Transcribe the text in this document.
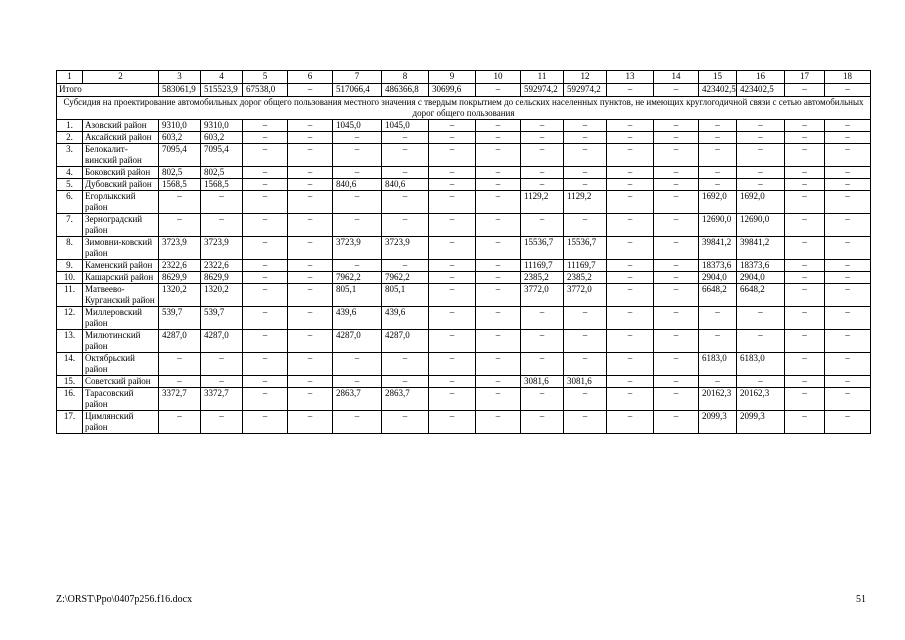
1	2	3	4	5	6	7	8	9	10	11	12	13	14	15	16	17	18
Итого		583061,9	515523,9	67538,0	–	517066,4	486366,8	30699,6	–	592974,2	592974,2	–	–	423402,5	423402,5	–	–
Субсидия на проектирование автомобильных дорог общего пользования местного значения с твердым покрытием до сельских населенных пунктов, не имеющих круглогодичной связи с сетью автомобильных дорог общего пользования																	
1.	Азовский район	9310,0	9310,0	–	–	1045,0	1045,0	–	–	–	–	–	–	–	–	–	–
2.	Аксайский район	603,2	603,2	–	–	–	–	–	–	–	–	–	–	–	–	–	–
3.	Белокалит-винский район	7095,4	7095,4	–	–	–	–	–	–	–	–	–	–	–	–	–	–
4.	Боковский район	802,5	802,5	–	–	–	–	–	–	–	–	–	–	–	–	–	–
5.	Дубовский район	1568,5	1568,5	–	–	840,6	840,6	–	–	–	–	–	–	–	–	–	–
6.	Егорлыкский район	–	–	–	–	–	–	–	–	1129,2	1129,2	–	–	1692,0	1692,0	–	–
7.	Зерноградский район	–	–	–	–	–	–	–	–	–	–	–	–	12690,0	12690,0	–	–
8.	Зимовни-ковский район	3723,9	3723,9	–	–	3723,9	3723,9	–	–	15536,7	15536,7	–	–	39841,2	39841,2	–	–
9.	Каменский район	2322,6	2322,6	–	–	–	–	–	–	11169,7	11169,7	–	–	18373,6	18373,6	–	–
10.	Кашарский район	8629,9	8629,9	–	–	7962,2	7962,2	–	–	2385,2	2385,2	–	–	2904,0	2904,0	–	–
11.	Матвеево-Курганский район	1320,2	1320,2	–	–	805,1	805,1	–	–	3772,0	3772,0	–	–	6648,2	6648,2	–	–
12.	Миллеровский район	539,7	539,7	–	–	439,6	439,6	–	–	–	–	–	–	–	–	–	–
13.	Милютинский район	4287,0	4287,0	–	–	4287,0	4287,0	–	–	–	–	–	–	–	–	–	–
14.	Октябрьский район	–	–	–	–	–	–	–	–	–	–	–	–	6183,0	6183,0	–	–
15.	Советский район	–	–	–	–	–	–	–	–	3081,6	3081,6	–	–	–	–	–	–
16.	Тарасовский район	3372,7	3372,7	–	–	2863,7	2863,7	–	–	–	–	–	–	20162,3	20162,3	–	–
17.	Цимлянский район	–	–	–	–	–	–	–	–	–	–	–	–	2099,3	2099,3	–	–
Z:\ORST\Ppo\0407p256.f16.docx	51
